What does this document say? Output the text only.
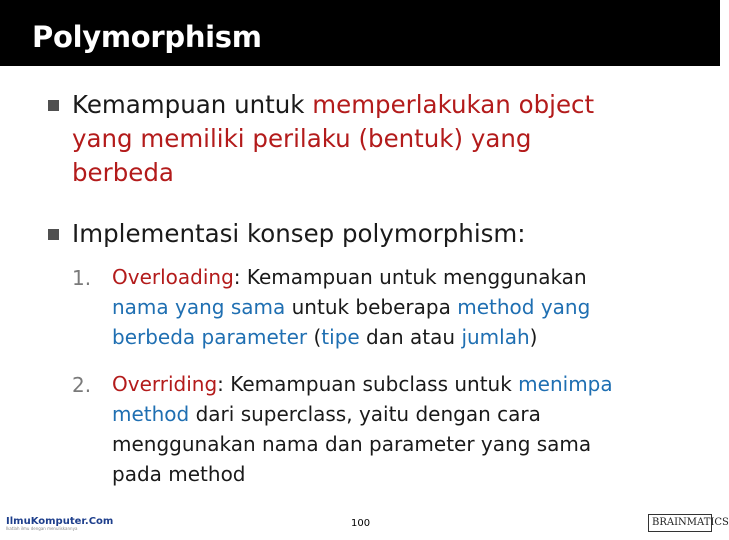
Polymorphism
Kemampuan untuk memperlakukan object
yang memiliki perilaku (bentuk) yang
berbeda
Implementasi konsep polymorphism:
1. Overloading: Kemampuan untuk menggunakan
nama yang sama untuk beberapa method yang
berbeda parameter (tipe dan atau jumlah)
2. Overriding: Kemampuan subclass untuk menimpa
method dari superclass, yaitu dengan cara
menggunakan nama dan parameter yang sama
pada method
IlmuKomputer.Com
Ikatlah ilmu dengan menuliskannya	100	BRAINMATICS
